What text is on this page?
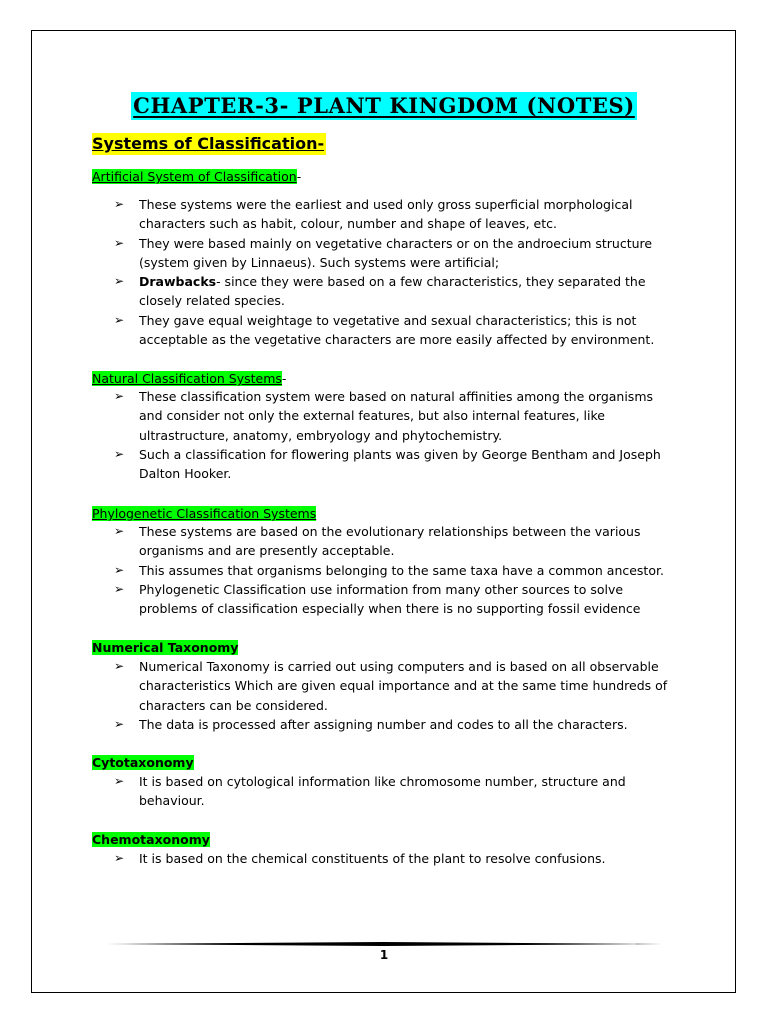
CHAPTER-3- PLANT KINGDOM (NOTES)
Systems of Classification-
Artificial System of Classification-
➢ These systems were the earliest and used only gross superficial morphological characters such as habit, colour, number and shape of leaves, etc.
➢ They were based mainly on vegetative characters or on the androecium structure (system given by Linnaeus). Such systems were artificial;
➢ Drawbacks- since they were based on a few characteristics, they separated the closely related species.
➢ They gave equal weightage to vegetative and sexual characteristics; this is not acceptable as the vegetative characters are more easily affected by environment.
Natural Classification Systems-
➢ These classification system were based on natural affinities among the organisms and consider not only the external features, but also internal features, like ultrastructure, anatomy, embryology and phytochemistry.
➢ Such a classification for flowering plants was given by George Bentham and Joseph Dalton Hooker.
Phylogenetic Classification Systems
➢ These systems are based on the evolutionary relationships between the various organisms and are presently acceptable.
➢ This assumes that organisms belonging to the same taxa have a common ancestor.
➢ Phylogenetic Classification use information from many other sources to solve problems of classification especially when there is no supporting fossil evidence
Numerical Taxonomy
➢ Numerical Taxonomy is carried out using computers and is based on all observable characteristics Which are given equal importance and at the same time hundreds of characters can be considered.
➢ The data is processed after assigning number and codes to all the characters.
Cytotaxonomy
➢ It is based on cytological information like chromosome number, structure and behaviour.
Chemotaxonomy
➢ It is based on the chemical constituents of the plant to resolve confusions.
1
